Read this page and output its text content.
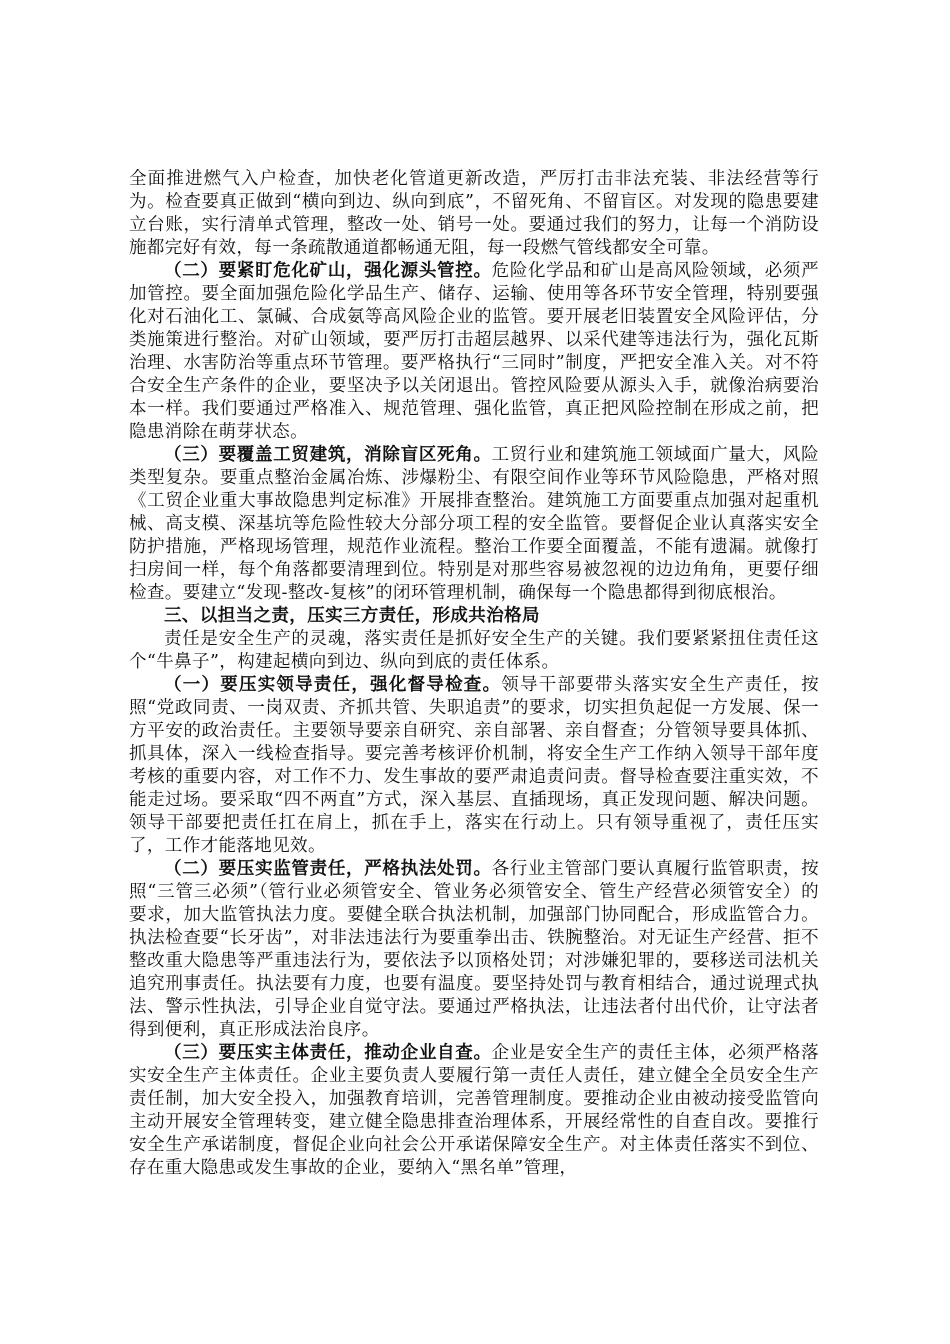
全面推进燃气入户检查，加快老化管道更新改造，严厉打击非法充装、非法经营等行为。检查要真正做到“横向到边、纵向到底”，不留死角、不留盲区。对发现的隐患要建立台账，实行清单式管理，整改一处、销号一处。要通过我们的努力，让每一个消防设施都完好有效，每一条疏散通道都畅通无阻，每一段燃气管线都安全可靠。

（二）要紧盯危化矿山，强化源头管控。危险化学品和矿山是高风险领域，必须严加管控。要全面加强危险化学品生产、储存、运输、使用等各环节安全管理，特别要强化对石油化工、氯碱、合成氨等高风险企业的监管。要开展老旧装置安全风险评估，分类施策进行整治。对矿山领域，要严厉打击超层越界、以采代建等违法行为，强化瓦斯治理、水害防治等重点环节管理。要严格执行“三同时”制度，严把安全准入关。对不符合安全生产条件的企业，要坚决予以关闭退出。管控风险要从源头入手，就像治病要治本一样。我们要通过严格准入、规范管理、强化监管，真正把风险控制在形成之前，把隐患消除在萌芽状态。

（三）要覆盖工贸建筑，消除盲区死角。工贸行业和建筑施工领域面广量大，风险类型复杂。要重点整治金属冶炼、涉爆粉尘、有限空间作业等环节风险隐患，严格对照《工贸企业重大事故隐患判定标准》开展排查整治。建筑施工方面要重点加强对起重机械、高支模、深基坑等危险性较大分部分项工程的安全监管。要督促企业认真落实安全防护措施，严格现场管理，规范作业流程。整治工作要全面覆盖，不能有遗漏。就像打扫房间一样，每个角落都要清理到位。特别是对那些容易被忽视的边边角角，更要仔细检查。要建立“发现-整改-复核”的闭环管理机制，确保每一个隐患都得到彻底根治。

三、以担当之责，压实三方责任，形成共治格局

责任是安全生产的灵魂，落实责任是抓好安全生产的关键。我们要紧紧扭住责任这个“牛鼻子”，构建起横向到边、纵向到底的责任体系。

（一）要压实领导责任，强化督导检查。领导干部要带头落实安全生产责任，按照“党政同责、一岗双责、齐抓共管、失职追责”的要求，切实担负起促一方发展、保一方平安的政治责任。主要领导要亲自研究、亲自部署、亲自督查；分管领导要具体抓、抓具体，深入一线检查指导。要完善考核评价机制，将安全生产工作纳入领导干部年度考核的重要内容，对工作不力、发生事故的要严肃追责问责。督导检查要注重实效，不能走过场。要采取“四不两直”方式，深入基层、直插现场，真正发现问题、解决问题。领导干部要把责任扛在肩上，抓在手上，落实在行动上。只有领导重视了，责任压实了，工作才能落地见效。

（二）要压实监管责任，严格执法处罚。各行业主管部门要认真履行监管职责，按照“三管三必须”（管行业必须管安全、管业务必须管安全、管生产经营必须管安全）的要求，加大监管执法力度。要健全联合执法机制，加强部门协同配合，形成监管合力。执法检查要“长牙齿”，对非法违法行为要重拳出击、铁腕整治。对无证生产经营、拒不整改重大隐患等严重违法行为，要依法予以顶格处罚；对涉嫌犯罪的，要移送司法机关追究刑事责任。执法要有力度，也要有温度。要坚持处罚与教育相结合，通过说理式执法、警示性执法，引导企业自觉守法。要通过严格执法，让违法者付出代价，让守法者得到便利，真正形成法治良序。

（三）要压实主体责任，推动企业自查。企业是安全生产的责任主体，必须严格落实安全生产主体责任。企业主要负责人要履行第一责任人责任，建立健全全员安全生产责任制，加大安全投入，加强教育培训，完善管理制度。要推动企业由被动接受监管向主动开展安全管理转变，建立健全隐患排查治理体系，开展经常性的自查自改。要推行安全生产承诺制度，督促企业向社会公开承诺保障安全生产。对主体责任落实不到位、存在重大隐患或发生事故的企业，要纳入“黑名单”管理，
